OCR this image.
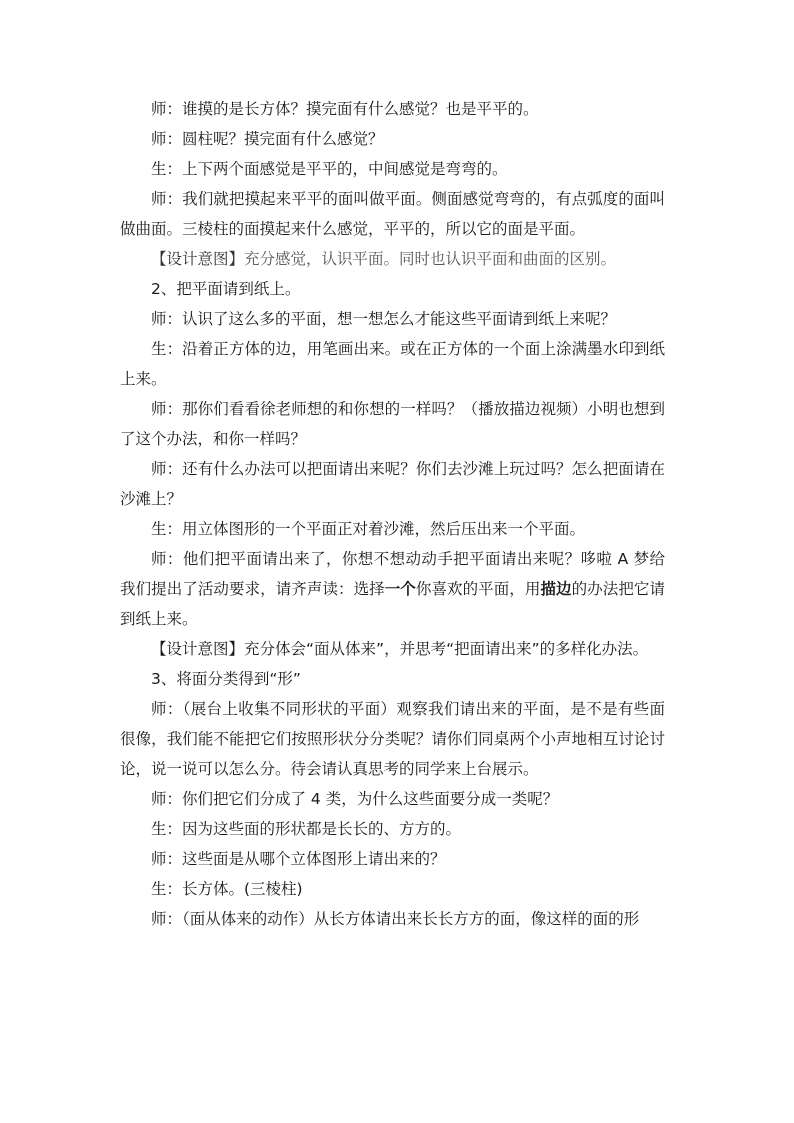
师：谁摸的是长方体？摸完面有什么感觉？也是平平的。

师：圆柱呢？摸完面有什么感觉？

生：上下两个面感觉是平平的，中间感觉是弯弯的。

师：我们就把摸起来平平的面叫做平面。侧面感觉弯弯的，有点弧度的面叫做曲面。三棱柱的面摸起来什么感觉，平平的，所以它的面是平面。

【设计意图】充分感觉，认识平面。同时也认识平面和曲面的区别。

2、把平面请到纸上。

师：认识了这么多的平面，想一想怎么才能这些平面请到纸上来呢？

生：沿着正方体的边，用笔画出来。或在正方体的一个面上涂满墨水印到纸上来。

师：那你们看看徐老师想的和你想的一样吗？（播放描边视频）小明也想到了这个办法，和你一样吗？

师：还有什么办法可以把面请出来呢？你们去沙滩上玩过吗？怎么把面请在沙滩上？

生：用立体图形的一个平面正对着沙滩，然后压出来一个平面。

师：他们把平面请出来了，你想不想动动手把平面请出来呢？哆啦 A 梦给我们提出了活动要求，请齐声读：选择一个你喜欢的平面，用描边的办法把它请到纸上来。

【设计意图】充分体会“面从体来”，并思考“把面请出来”的多样化办法。

3、将面分类得到“形”

师：（展台上收集不同形状的平面）观察我们请出来的平面，是不是有些面很像，我们能不能把它们按照形状分分类呢？请你们同桌两个小声地相互讨论讨论，说一说可以怎么分。待会请认真思考的同学来上台展示。

师：你们把它们分成了 4 类，为什么这些面要分成一类呢？

生：因为这些面的形状都是长长的、方方的。

师：这些面是从哪个立体图形上请出来的？

生：长方体。(三棱柱)

师：（面从体来的动作）从长方体请出来长长方方的面，像这样的面的形
